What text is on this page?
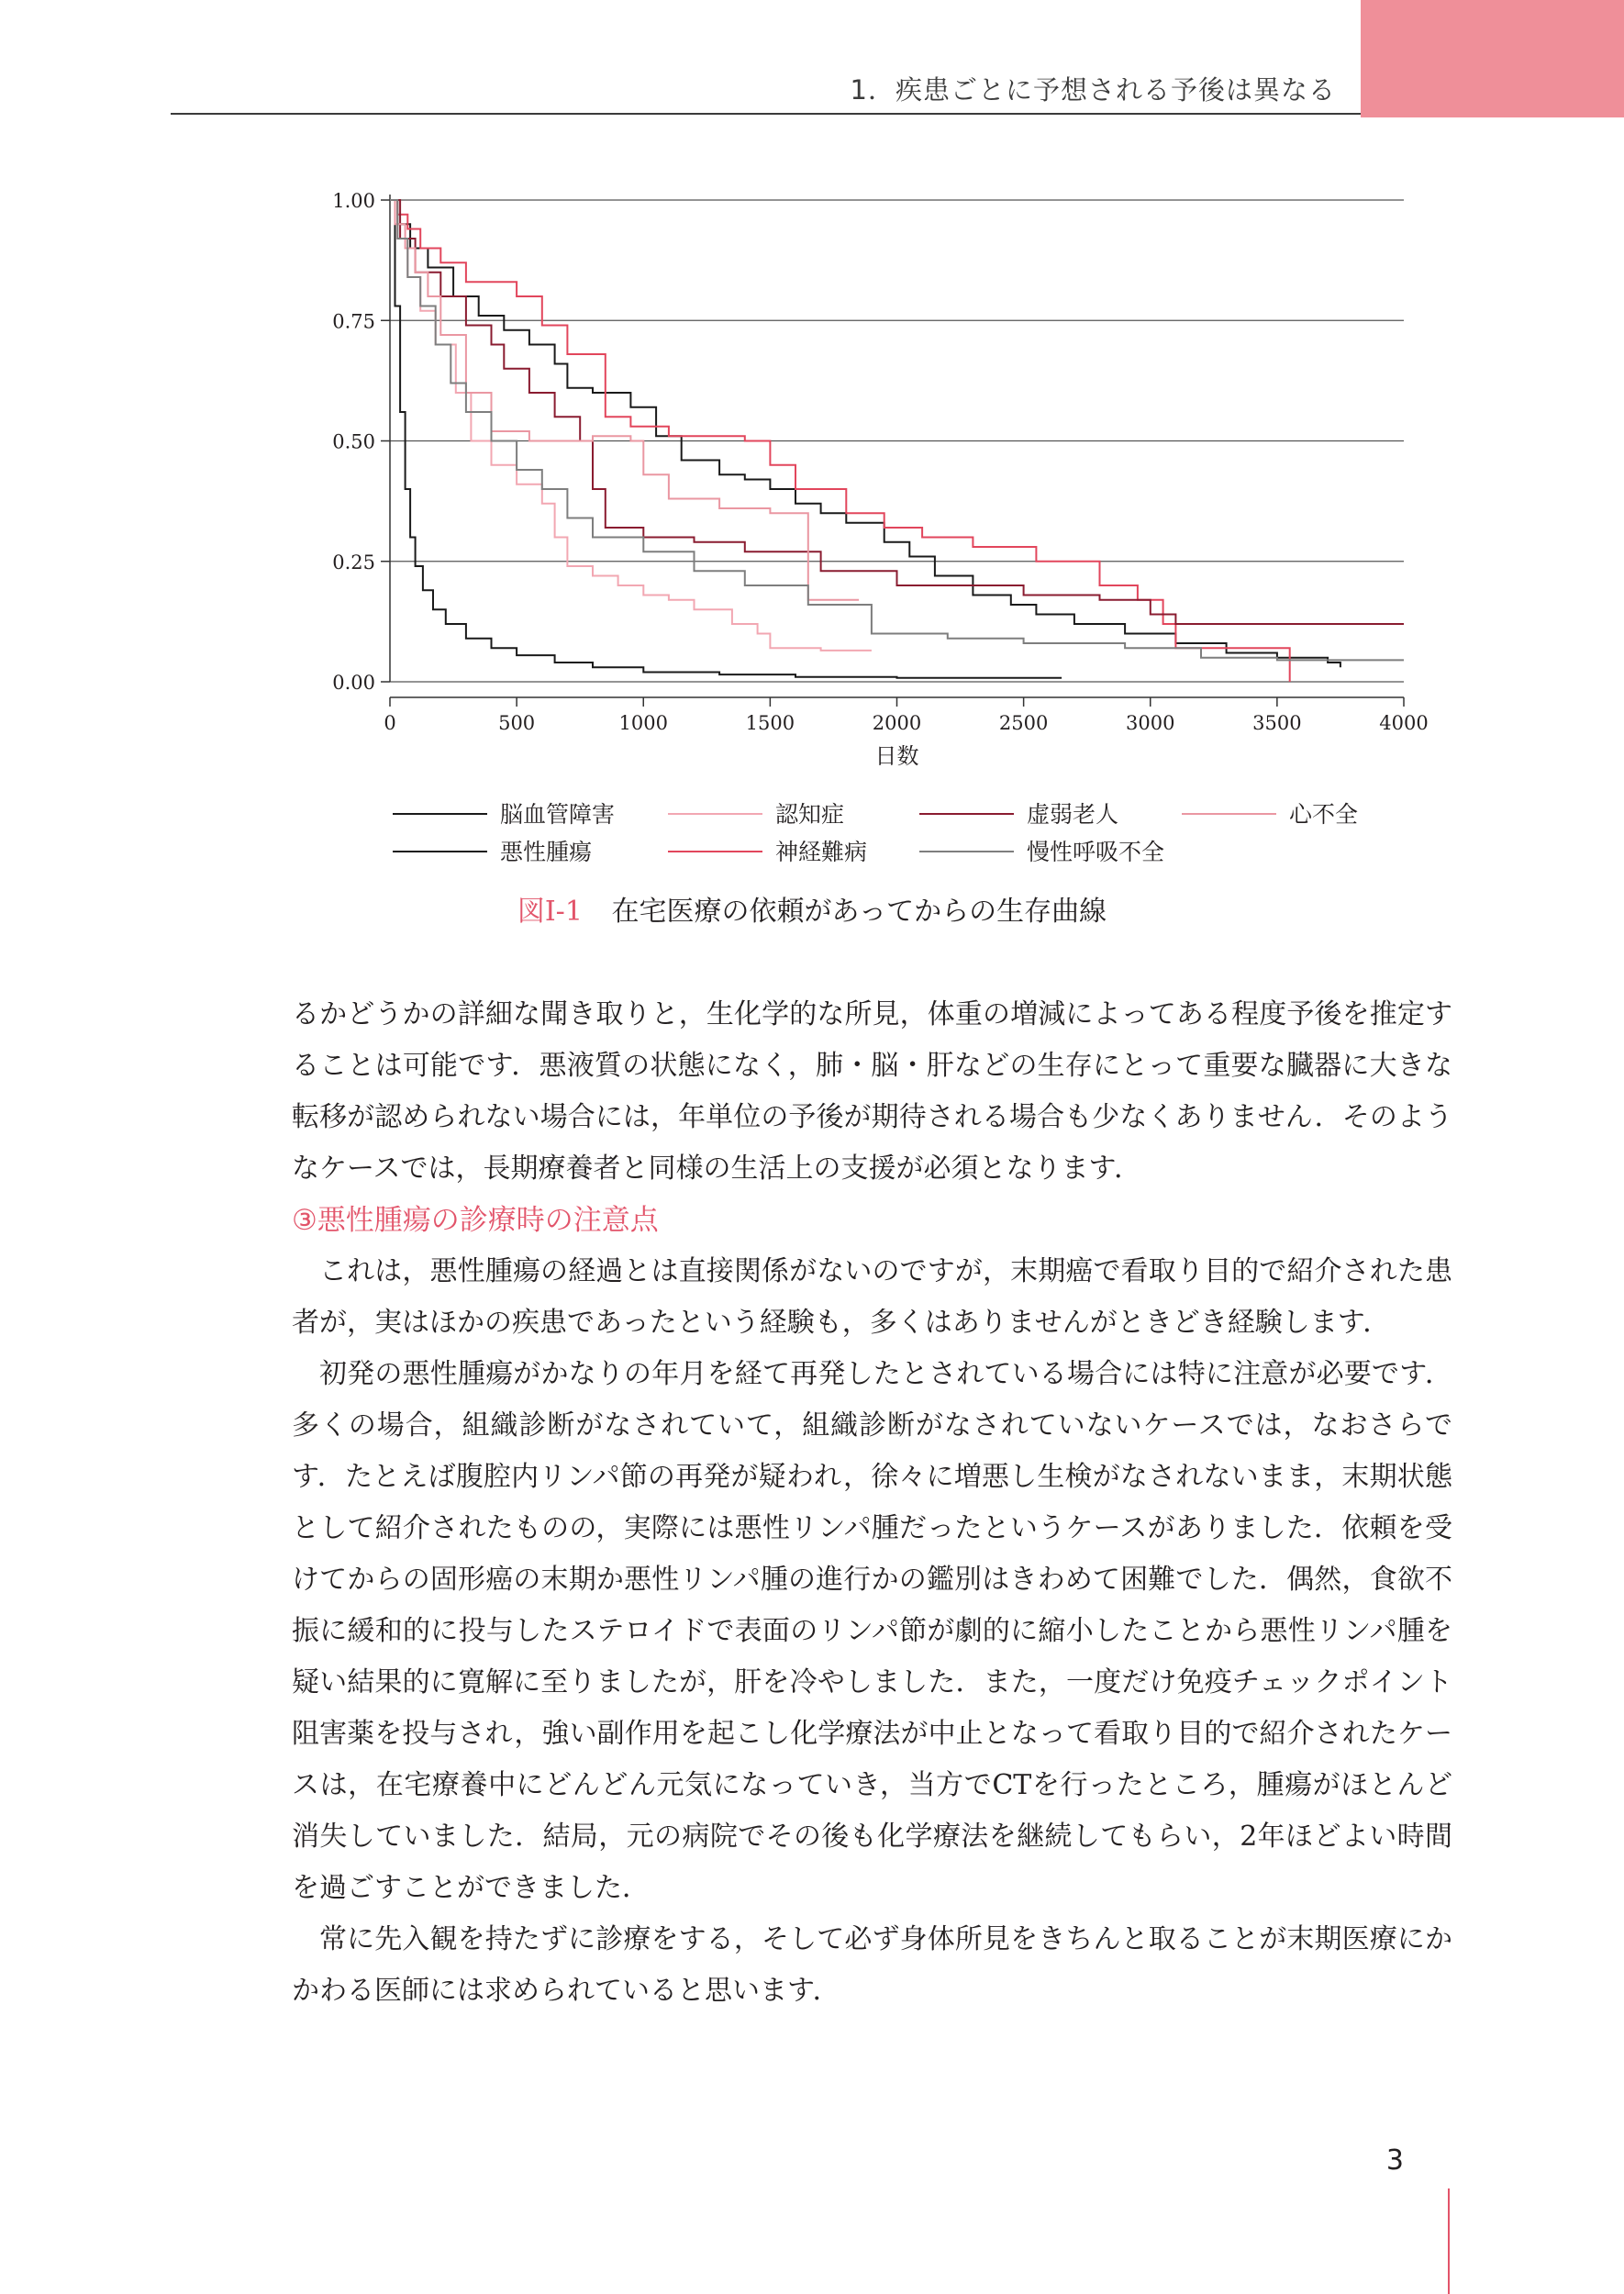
1．疾患ごとに予想される予後は異なる
0.00
0.25
0.50
0.75
1.00
0	500	1000	1500	2000	2500	3000	3500	4000
日数
脳血管障害	認知症	虚弱老人	心不全
悪性腫瘍	神経難病	慢性呼吸不全
図Ⅰ-1 在宅医療の依頼があってからの生存曲線

るかどうかの詳細な聞き取りと，生化学的な所見，体重の増減によってある程度予後を推定することは可能です．悪液質の状態になく，肺・脳・肝などの生存にとって重要な臓器に大きな転移が認められない場合には，年単位の予後が期待される場合も少なくありません．そのようなケースでは，長期療養者と同様の生活上の支援が必須となります．

③悪性腫瘍の診療時の注意点

これは，悪性腫瘍の経過とは直接関係がないのですが，末期癌で看取り目的で紹介された患者が，実はほかの疾患であったという経験も，多くはありませんがときどき経験します．

初発の悪性腫瘍がかなりの年月を経て再発したとされている場合には特に注意が必要です．多くの場合，組織診断がなされていて，組織診断がなされていないケースでは，なおさらです．たとえば腹腔内リンパ節の再発が疑われ，徐々に増悪し生検がなされないまま，末期状態として紹介されたものの，実際には悪性リンパ腫だったというケースがありました．依頼を受けてからの固形癌の末期か悪性リンパ腫の進行かの鑑別はきわめて困難でした．偶然，食欲不振に緩和的に投与したステロイドで表面のリンパ節が劇的に縮小したことから悪性リンパ腫を疑い結果的に寛解に至りましたが，肝を冷やしました．また，一度だけ免疫チェックポイント阻害薬を投与され，強い副作用を起こし化学療法が中止となって看取り目的で紹介されたケースは，在宅療養中にどんどん元気になっていき，当方でCTを行ったところ，腫瘍がほとんど消失していました．結局，元の病院でその後も化学療法を継続してもらい，2年ほどよい時間を過ごすことができました．

常に先入観を持たずに診療をする，そして必ず身体所見をきちんと取ることが末期医療にかかわる医師には求められていると思います．

3
